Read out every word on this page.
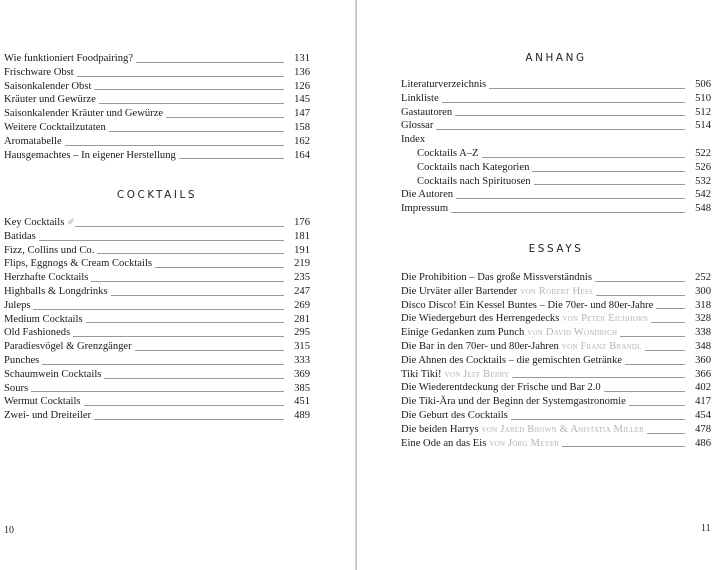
Wie funktioniert Foodpairing?	131
Frischware Obst	136
Saisonkalender Obst	126
Kräuter und Gewürze	145
Saisonkalender Kräuter und Gewürze	147
Weitere Cocktailzutaten	158
Aromatabelle	162
Hausgemachtes – In eigener Herstellung	164
COCKTAILS
Key Cocktails ✐	176
Batidas	181
Fizz, Collins und Co.	191
Flips, Eggnogs & Cream Cocktails	219
Herzhafte Cocktails	235
Highballs & Longdrinks	247
Juleps	269
Medium Cocktails	281
Old Fashioneds	295
Paradiesvögel & Grenzgänger	315
Punches	333
Schaumwein Cocktails	369
Sours	385
Wermut Cocktails	451
Zwei- und Dreiteiler	489
10
ANHANG
Literaturverzeichnis	506
Linkliste	510
Gastautoren	512
Glossar	514
Index
Cocktails A–Z	522
Cocktails nach Kategorien	526
Cocktails nach Spirituosen	532
Die Autoren	542
Impressum	548
ESSAYS
Die Prohibition – Das große Missverständnis	252
Die Urväter aller Bartender von Robert Hess	300
Disco Disco! Ein Kessel Buntes – Die 70er- und 80er-Jahre	318
Die Wiedergeburt des Herrengedecks von Peter Eichhorn	328
Einige Gedanken zum Punch von David Wondrich	338
Die Bar in den 70er- und 80er-Jahren von Franz Brandl	348
Die Ahnen des Cocktails – die gemischten Getränke	360
Tiki Tiki! von Jeff Berry	366
Die Wiederentdeckung der Frische und Bar 2.0	402
Die Tiki-Ära und der Beginn der Systemgastronomie	417
Die Geburt des Cocktails	454
Die beiden Harrys von Jared Brown & Anistatia Miller	478
Eine Ode an das Eis von Jörg Meyer	486
11
